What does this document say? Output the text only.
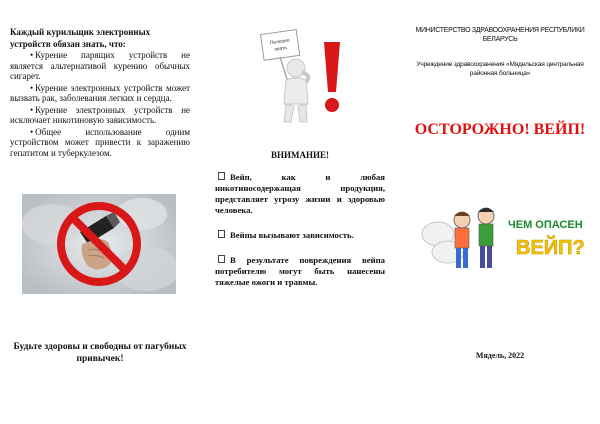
Каждый курильщик электронных устройств обязан знать, что:

• Курение парящих устройств не является альтернативой курению обычных сигарет.
• Курение электронных устройств может вызвать рак, заболевания легких и сердца.
• Курение электронных устройств не исключает никотиновую зависимость.
• Общее использование одним устройством может привести к заражению гепатитом и туберкулезом.

Будьте здоровы и свободны от пагубных привычек!

Полезно
знать

ВНИМАНИЕ!

Вейп, как и любая никотиносодержащая продукция, представляет угрозу жизни и здоровью человека.
Вейпы вызывают зависимость.
В результате повреждения вейпа потребителю могут быть нанесены тяжелые ожоги и травмы.

МИНИСТЕРСТВО ЗДРАВООХРАНЕНИЯ РЕСПУБЛИКИ БЕЛАРУСЬ

Учреждение здравоохранения «Мядельская центральная районная больница»

ОСТОРОЖНО! ВЕЙП!

ЧЕМ ОПАСЕН
ВЕЙП?

Мядель, 2022
